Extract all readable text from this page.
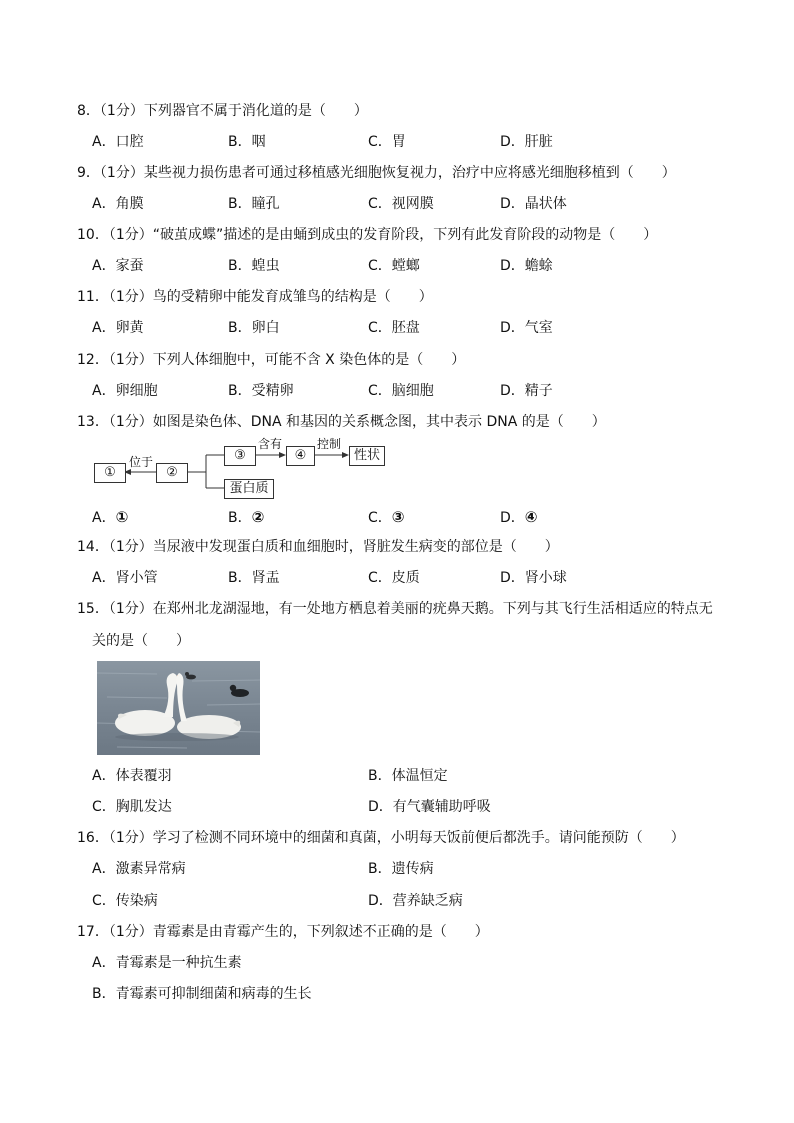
8．（1分）下列器官不属于消化道的是（　　）
A．口腔	B．咽	C．胃	D．肝脏
9．（1分）某些视力损伤患者可通过移植感光细胞恢复视力，治疗中应将感光细胞移植到（　　）
A．角膜	B．瞳孔	C．视网膜	D．晶状体
10．（1分）“破茧成蝶”描述的是由蛹到成虫的发育阶段，下列有此发育阶段的动物是（　　）
A．家蚕	B．蝗虫	C．螳螂	D．蟾蜍
11．（1分）鸟的受精卵中能发育成雏鸟的结构是（　　）
A．卵黄	B．卵白	C．胚盘	D．气室
12．（1分）下列人体细胞中，可能不含 X 染色体的是（　　）
A．卵细胞	B．受精卵	C．脑细胞	D．精子
13．（1分）如图是染色体、DNA 和基因的关系概念图，其中表示 DNA 的是（　　）
①	②
③	④	性状
蛋白质
位于
含有	控制
A．①	B．②	C．③	D．④
14．（1分）当尿液中发现蛋白质和血细胞时，肾脏发生病变的部位是（　　）
A．肾小管	B．肾盂	C．皮质	D．肾小球
15．（1分）在郑州北龙湖湿地，有一处地方栖息着美丽的疣鼻天鹅。下列与其飞行生活相适应的特点无
关的是（　　）
A．体表覆羽	B．体温恒定
C．胸肌发达	D．有气囊辅助呼吸
16．（1分）学习了检测不同环境中的细菌和真菌，小明每天饭前便后都洗手。请问能预防（　　）
A．激素异常病	B．遗传病
C．传染病	D．营养缺乏病
17．（1分）青霉素是由青霉产生的，下列叙述不正确的是（　　）
A．青霉素是一种抗生素
B．青霉素可抑制细菌和病毒的生长
